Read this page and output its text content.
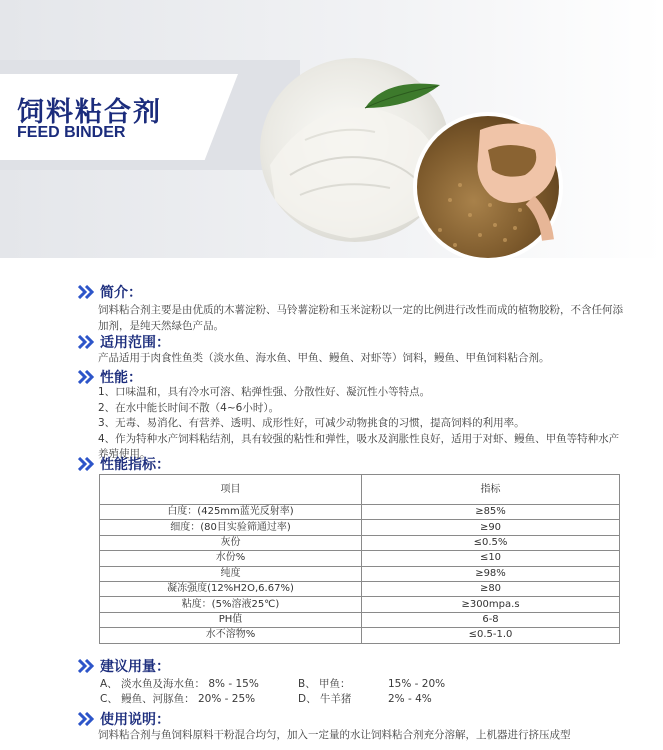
饲料粘合剂
FEED BINDER
简介：
饲料粘合剂主要是由优质的木薯淀粉、马铃薯淀粉和玉米淀粉以一定的比例进行改性而成的植物胶粉，不含任何添加剂，是纯天然绿色产品。
适用范围：
产品适用于肉食性鱼类（淡水鱼、海水鱼、甲鱼、鳗鱼、对虾等）饲料，鳗鱼、甲鱼饲料粘合剂。
性能：
1、口味温和，具有冷水可溶、粘弹性强、分散性好、凝沉性小等特点。
2、在水中能长时间不散（4~6小时）。
3、无毒、易消化、有营养、透明、成形性好，可减少动物挑食的习惯，提高饲料的利用率。
4、作为特种水产饲料粘结剂，具有较强的粘性和弹性，吸水及润胀性良好，适用于对虾、鳗鱼、甲鱼等特种水产养殖使用。
性能指标：
项目	指标
白度：(425mm蓝光反射率)	≥85%
细度：(80目实验筛通过率)	≥90
灰份	≤0.5%
水份%	≤10
纯度	≥98%
凝冻强度(12%H2O,6.67%)	≥80
粘度：(5%溶液25℃)	≥300mpa.s
PH值	6-8
水不溶物%	≤0.5-1.0
建议用量：
A、 淡水鱼及海水鱼： 8% - 15%	B、 甲鱼：	15% - 20%
C、 鳗鱼、河豚鱼： 20% - 25%	D、 牛羊猪	2% - 4%
使用说明：
饲料粘合剂与鱼饲料原料干粉混合均匀，加入一定量的水让饲料粘合剂充分溶解，上机器进行挤压成型
